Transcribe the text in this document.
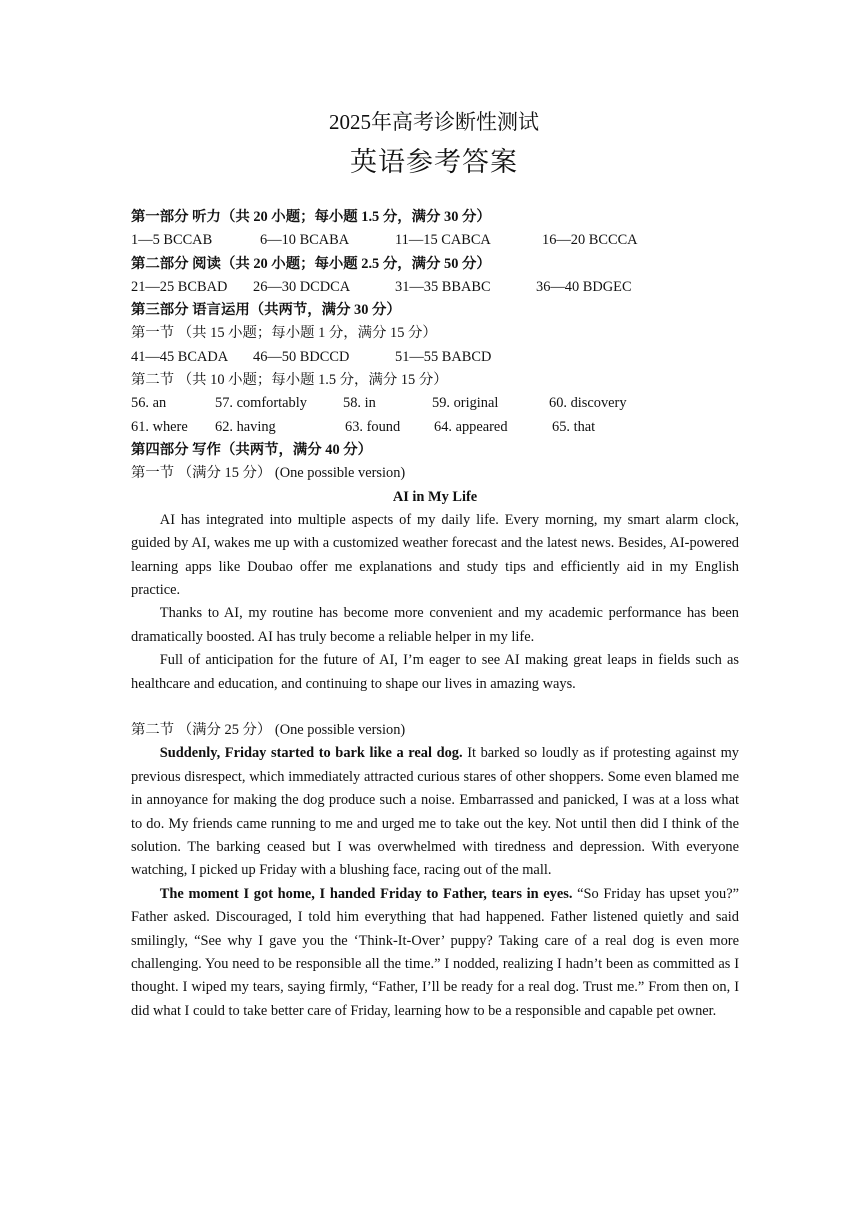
2025年高考诊断性测试
英语参考答案
第一部分 听力（共 20 小题；每小题 1.5 分，满分 30 分）
1—5 BCCAB	6—10 BCABA	11—15 CABCA	16—20 BCCCA
第二部分 阅读（共 20 小题；每小题 2.5 分，满分 50 分）
21—25 BCBAD 26—30 DCDCA	31—35 BBABC	36—40 BDGEC
第三部分 语言运用（共两节，满分 30 分）
第一节 （共 15 小题；每小题 1 分，满分 15 分）
41—45 BCADA 46—50 BDCCD	51—55 BABCD
第二节 （共 10 小题；每小题 1.5 分，满分 15 分）
56. an	57. comfortably	58. in	59. original	60. discovery
61. where 62. having	63. found 64. appeared	65. that
第四部分 写作（共两节，满分 40 分）
第一节 （满分 15 分） (One possible version)
AI in My Life

AI has integrated into multiple aspects of my daily life. Every morning, my smart alarm clock, guided by AI, wakes me up with a customized weather forecast and the latest news. Besides, AI-powered learning apps like Doubao offer me explanations and study tips and efficiently aid in my English practice.

Thanks to AI, my routine has become more convenient and my academic performance has been dramatically boosted. AI has truly become a reliable helper in my life.

Full of anticipation for the future of AI, I’m eager to see AI making great leaps in fields such as healthcare and education, and continuing to shape our lives in amazing ways.

第二节 （满分 25 分） (One possible version)

Suddenly, Friday started to bark like a real dog. It barked so loudly as if protesting against my previous disrespect, which immediately attracted curious stares of other shoppers. Some even blamed me in annoyance for making the dog produce such a noise. Embarrassed and panicked, I was at a loss what to do. My friends came running to me and urged me to take out the key. Not until then did I think of the solution. The barking ceased but I was overwhelmed with tiredness and depression. With everyone watching, I picked up Friday with a blushing face, racing out of the mall.

The moment I got home, I handed Friday to Father, tears in eyes. “So Friday has upset you?” Father asked. Discouraged, I told him everything that had happened. Father listened quietly and said smilingly, “See why I gave you the ‘Think-It-Over’ puppy? Taking care of a real dog is even more challenging. You need to be responsible all the time.” I nodded, realizing I hadn’t been as committed as I thought. I wiped my tears, saying firmly, “Father, I’ll be ready for a real dog. Trust me.” From then on, I did what I could to take better care of Friday, learning how to be a responsible and capable pet owner.
